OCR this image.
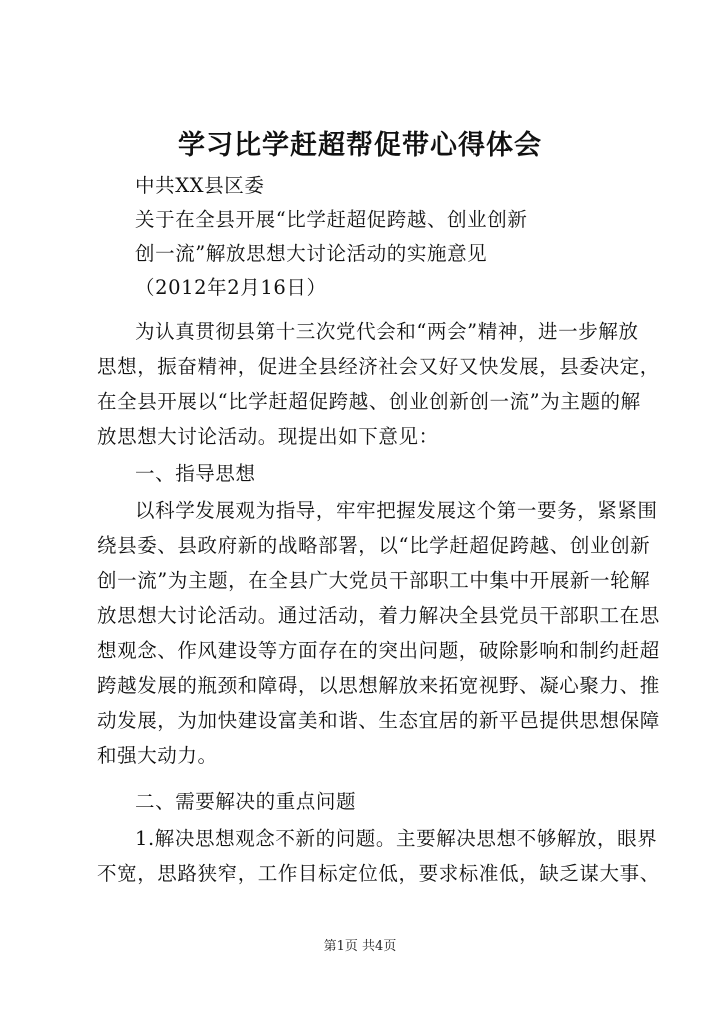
学习比学赶超帮促带心得体会
中共XX县区委
关于在全县开展“比学赶超促跨越、创业创新
创一流”解放思想大讨论活动的实施意见
（2012年2月16日）
为认真贯彻县第十三次党代会和“两会”精神，进一步解放
思想，振奋精神，促进全县经济社会又好又快发展，县委决定，
在全县开展以“比学赶超促跨越、创业创新创一流”为主题的解
放思想大讨论活动。现提出如下意见：
一、指导思想
以科学发展观为指导，牢牢把握发展这个第一要务，紧紧围
绕县委、县政府新的战略部署，以“比学赶超促跨越、创业创新
创一流”为主题，在全县广大党员干部职工中集中开展新一轮解
放思想大讨论活动。通过活动，着力解决全县党员干部职工在思
想观念、作风建设等方面存在的突出问题，破除影响和制约赶超
跨越发展的瓶颈和障碍，以思想解放来拓宽视野、凝心聚力、推
动发展，为加快建设富美和谐、生态宜居的新平邑提供思想保障
和强大动力。
二、需要解决的重点问题
1.解决思想观念不新的问题。主要解决思想不够解放，眼界
不宽，思路狭窄，工作目标定位低，要求标准低，缺乏谋大事、
第1页 共4页
